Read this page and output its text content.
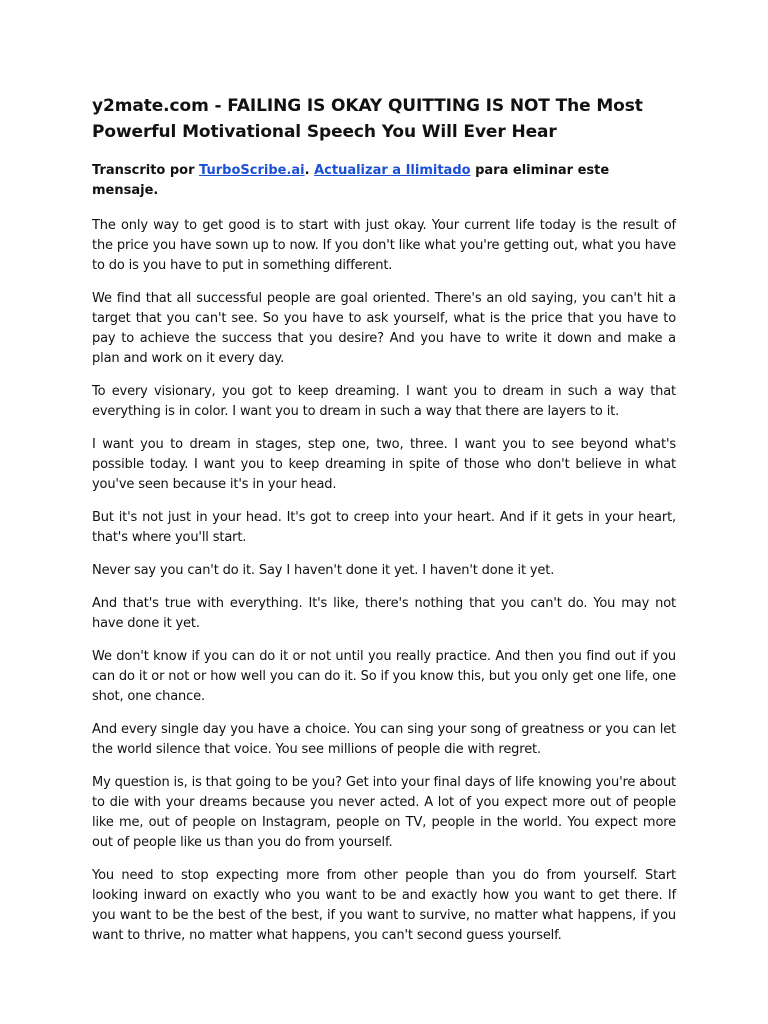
y2mate.com - FAILING IS OKAY QUITTING IS NOT The Most Powerful Motivational Speech You Will Ever Hear

Transcrito por TurboScribe.ai. Actualizar a Ilimitado para eliminar este mensaje.

The only way to get good is to start with just okay. Your current life today is the result of the price you have sown up to now. If you don't like what you're getting out, what you have to do is you have to put in something different.

We find that all successful people are goal oriented. There's an old saying, you can't hit a target that you can't see. So you have to ask yourself, what is the price that you have to pay to achieve the success that you desire? And you have to write it down and make a plan and work on it every day.

To every visionary, you got to keep dreaming. I want you to dream in such a way that everything is in color. I want you to dream in such a way that there are layers to it.

I want you to dream in stages, step one, two, three. I want you to see beyond what's possible today. I want you to keep dreaming in spite of those who don't believe in what you've seen because it's in your head.

But it's not just in your head. It's got to creep into your heart. And if it gets in your heart, that's where you'll start.

Never say you can't do it. Say I haven't done it yet. I haven't done it yet.

And that's true with everything. It's like, there's nothing that you can't do. You may not have done it yet.

We don't know if you can do it or not until you really practice. And then you find out if you can do it or not or how well you can do it. So if you know this, but you only get one life, one shot, one chance.

And every single day you have a choice. You can sing your song of greatness or you can let the world silence that voice. You see millions of people die with regret.

My question is, is that going to be you? Get into your final days of life knowing you're about to die with your dreams because you never acted. A lot of you expect more out of people like me, out of people on Instagram, people on TV, people in the world. You expect more out of people like us than you do from yourself.

You need to stop expecting more from other people than you do from yourself. Start looking inward on exactly who you want to be and exactly how you want to get there. If you want to be the best of the best, if you want to survive, no matter what happens, if you want to thrive, no matter what happens, you can't second guess yourself.
